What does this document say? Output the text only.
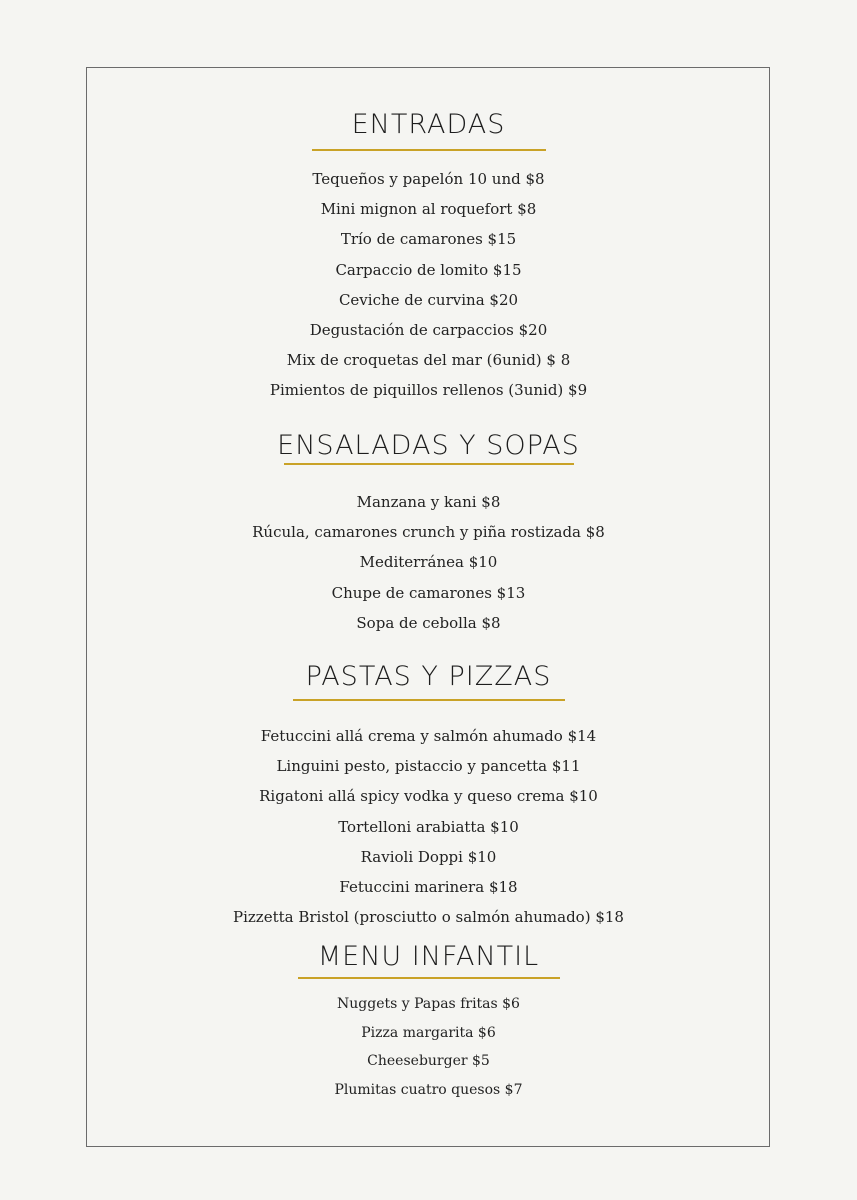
ENTRADAS
Tequeños y papelón 10 und $8
Mini mignon al roquefort $8
Trío de camarones $15
Carpaccio de lomito $15
Ceviche de curvina $20
Degustación de carpaccios $20
Mix de croquetas del mar (6unid) $ 8
Pimientos de piquillos rellenos (3unid) $9
ENSALADAS Y SOPAS
Manzana y kani $8
Rúcula, camarones crunch y piña rostizada $8
Mediterránea $10
Chupe de camarones $13
Sopa de cebolla $8
PASTAS Y PIZZAS
Fetuccini allá crema y salmón ahumado $14
Linguini pesto, pistaccio y pancetta $11
Rigatoni allá spicy vodka y queso crema $10
Tortelloni arabiatta $10
Ravioli Doppi $10
Fetuccini marinera $18
Pizzetta Bristol (prosciutto o salmón ahumado) $18
MENU INFANTIL
Nuggets y Papas fritas $6
Pizza margarita $6
Cheeseburger $5
Plumitas cuatro quesos $7
